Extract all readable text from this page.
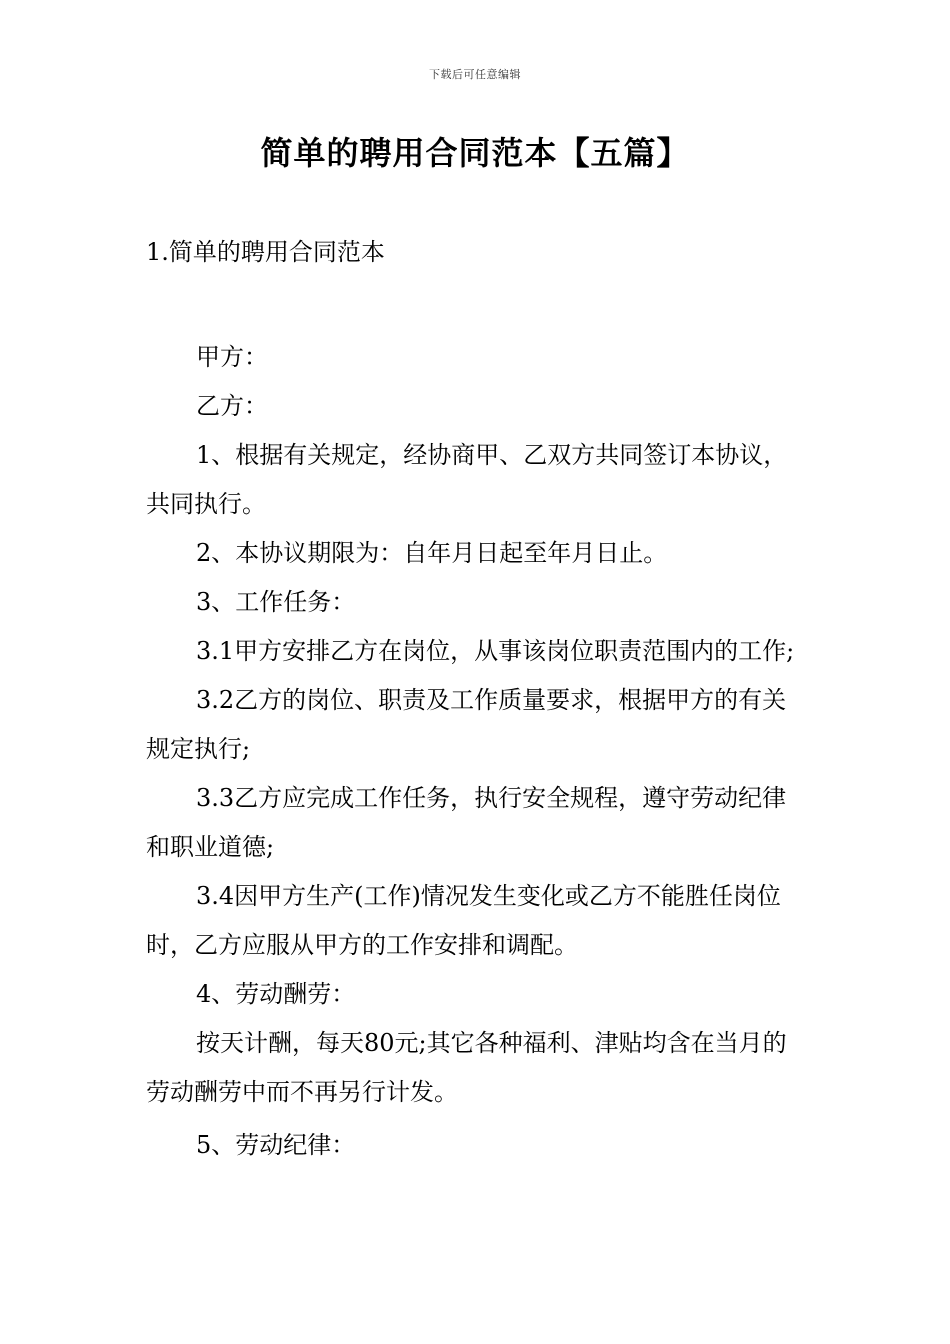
下载后可任意编辑
简单的聘用合同范本【五篇】
1.简单的聘用合同范本

甲方：

乙方：

1、根据有关规定，经协商甲、乙双方共同签订本协议，共同执行。

2、本协议期限为：自年月日起至年月日止。

3、工作任务：

3.1甲方安排乙方在岗位，从事该岗位职责范围内的工作;

3.2乙方的岗位、职责及工作质量要求，根据甲方的有关规定执行;

3.3乙方应完成工作任务，执行安全规程，遵守劳动纪律和职业道德;

3.4因甲方生产(工作)情况发生变化或乙方不能胜任岗位时，乙方应服从甲方的工作安排和调配。

4、劳动酬劳：

按天计酬，每天80元;其它各种福利、津贴均含在当月的劳动酬劳中而不再另行计发。

5、劳动纪律：
